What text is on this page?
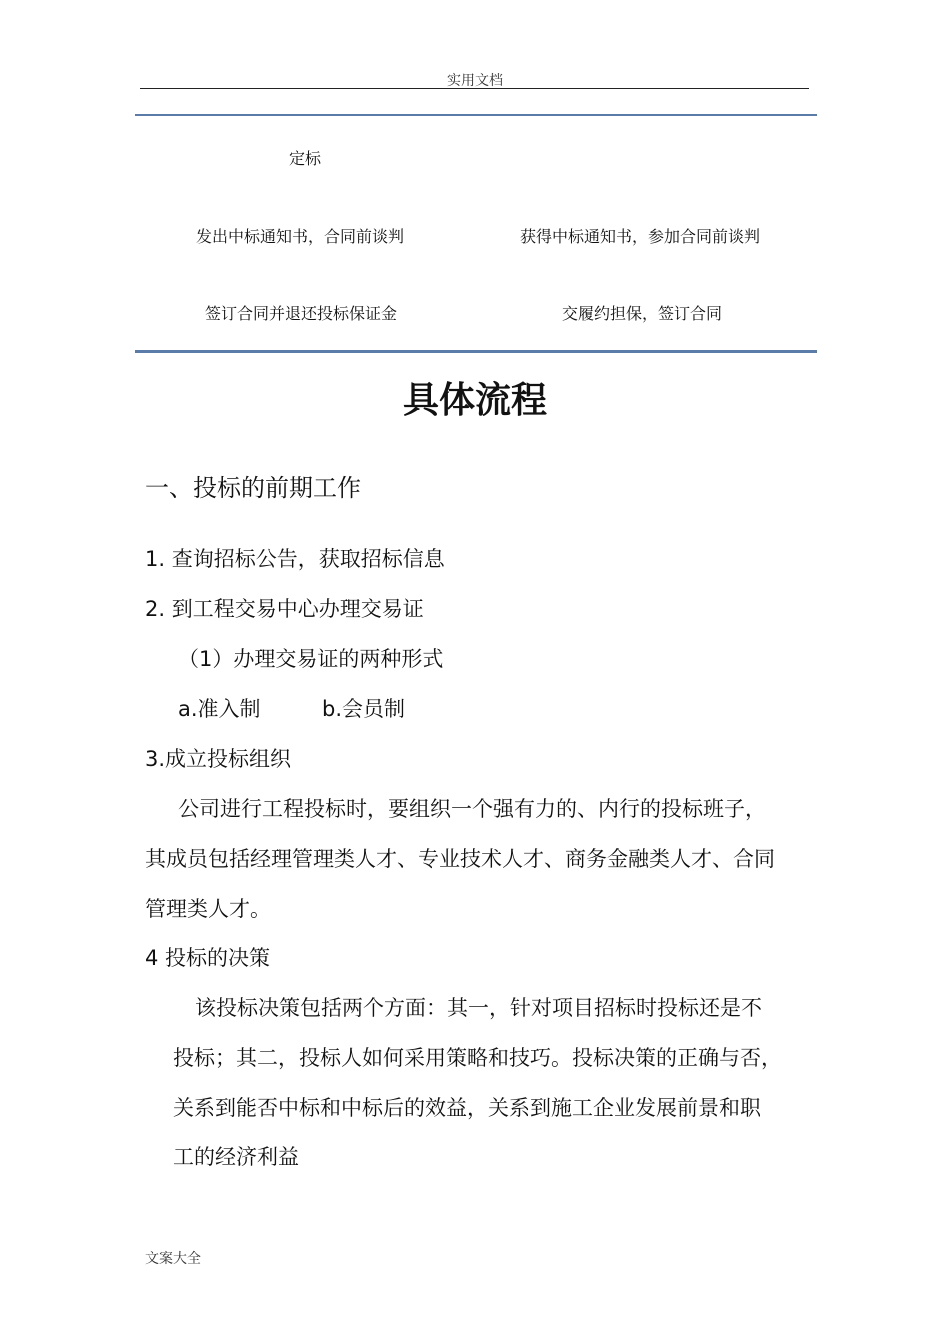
实用文档
定标
发出中标通知书，合同前谈判	获得中标通知书，参加合同前谈判
签订合同并退还投标保证金	交履约担保，签订合同
具体流程
一、投标的前期工作
1. 查询招标公告，获取招标信息
2. 到工程交易中心办理交易证
（1）办理交易证的两种形式
a.准入制	b.会员制
3.成立投标组织
公司进行工程投标时，要组织一个强有力的、内行的投标班子，
其成员包括经理管理类人才、专业技术人才、商务金融类人才、合同
管理类人才。
4 投标的决策
该投标决策包括两个方面：其一，针对项目招标时投标还是不
投标；其二，投标人如何采用策略和技巧。投标决策的正确与否，
关系到能否中标和中标后的效益，关系到施工企业发展前景和职
工的经济利益
文案大全
